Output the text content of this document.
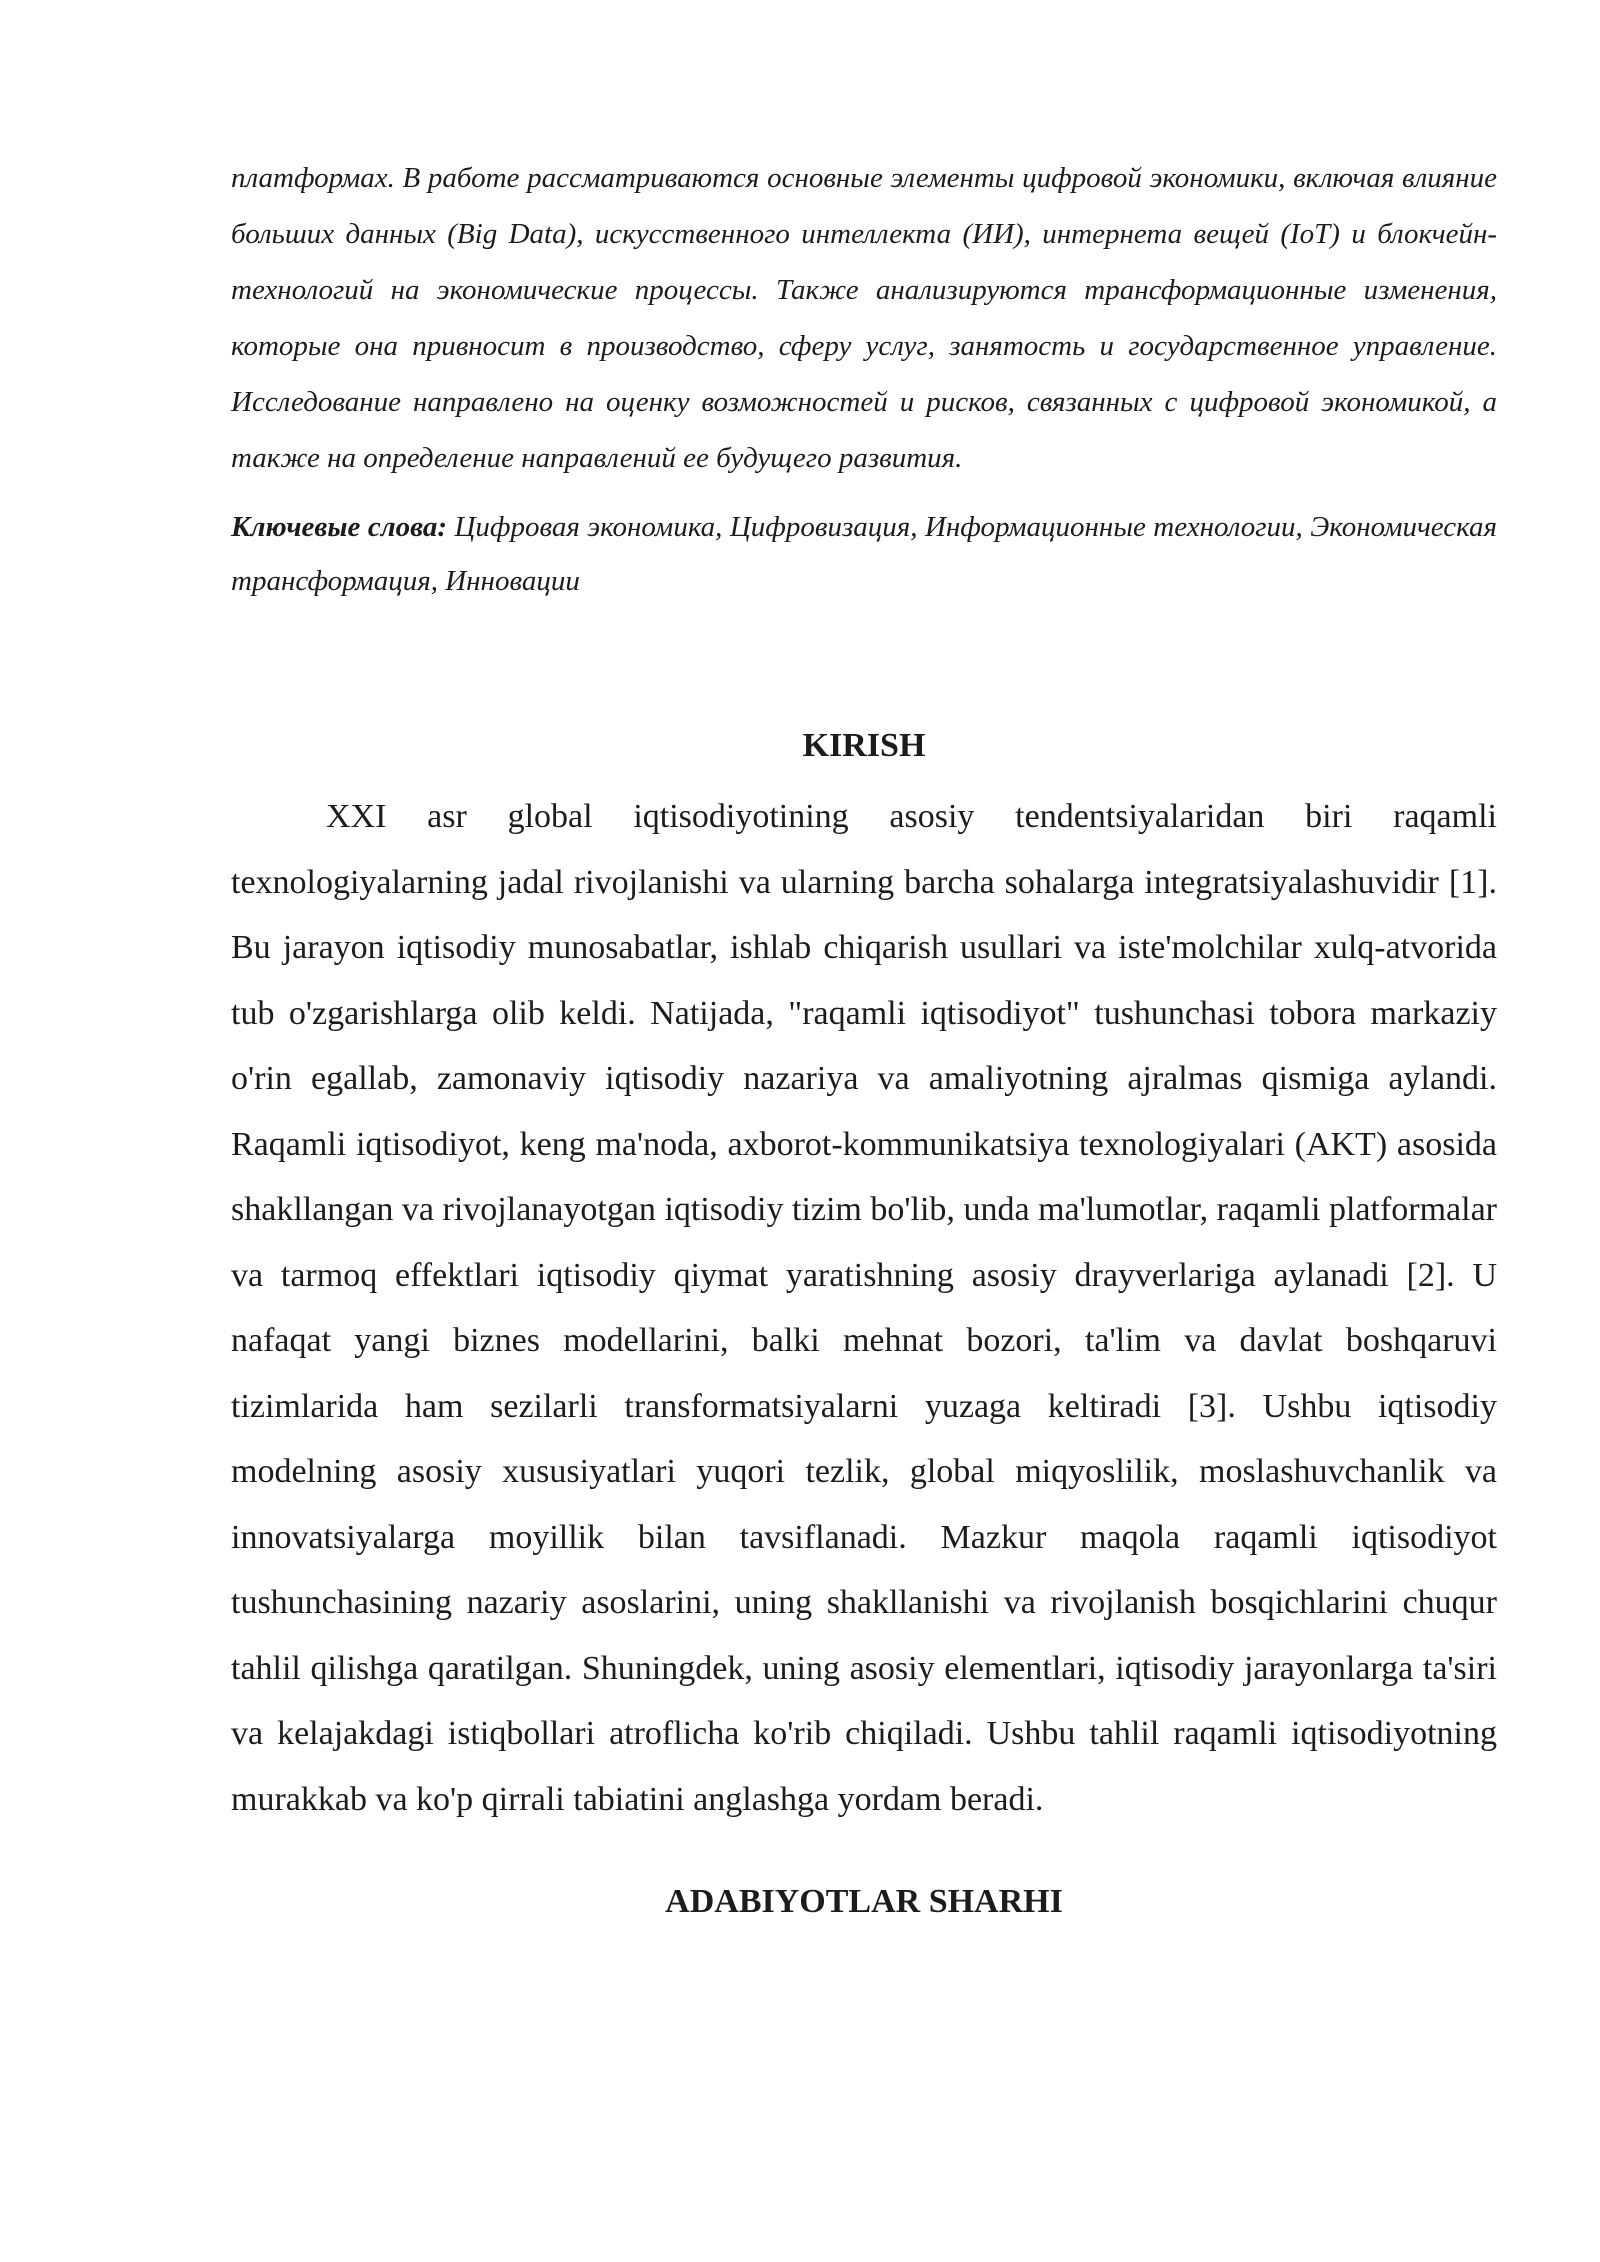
платформах. В работе рассматриваются основные элементы цифровой экономики, включая влияние больших данных (Big Data), искусственного интеллекта (ИИ), интернета вещей (IoT) и блокчейн-технологий на экономические процессы. Также анализируются трансформационные изменения, которые она привносит в производство, сферу услуг, занятость и государственное управление. Исследование направлено на оценку возможностей и рисков, связанных с цифровой экономикой, а также на определение направлений ее будущего развития.

Ключевые слова: Цифровая экономика, Цифровизация, Информационные технологии, Экономическая трансформация, Инновации

KIRISH

XXI asr global iqtisodiyotining asosiy tendentsiyalaridan biri raqamli texnologiyalarning jadal rivojlanishi va ularning barcha sohalarga integratsiyalashuvidir [1]. Bu jarayon iqtisodiy munosabatlar, ishlab chiqarish usullari va iste'molchilar xulq-atvorida tub o'zgarishlarga olib keldi. Natijada, "raqamli iqtisodiyot" tushunchasi tobora markaziy o'rin egallab, zamonaviy iqtisodiy nazariya va amaliyotning ajralmas qismiga aylandi. Raqamli iqtisodiyot, keng ma'noda, axborot-kommunikatsiya texnologiyalari (AKT) asosida shakllangan va rivojlanayotgan iqtisodiy tizim bo'lib, unda ma'lumotlar, raqamli platformalar va tarmoq effektlari iqtisodiy qiymat yaratishning asosiy drayverlariga aylanadi [2]. U nafaqat yangi biznes modellarini, balki mehnat bozori, ta'lim va davlat boshqaruvi tizimlarida ham sezilarli transformatsiyalarni yuzaga keltiradi [3]. Ushbu iqtisodiy modelning asosiy xususiyatlari yuqori tezlik, global miqyoslilik, moslashuvchanlik va innovatsiyalarga moyillik bilan tavsiflanadi. Mazkur maqola raqamli iqtisodiyot tushunchasining nazariy asoslarini, uning shakllanishi va rivojlanish bosqichlarini chuqur tahlil qilishga qaratilgan. Shuningdek, uning asosiy elementlari, iqtisodiy jarayonlarga ta'siri va kelajakdagi istiqbollari atroflicha ko'rib chiqiladi. Ushbu tahlil raqamli iqtisodiyotning murakkab va ko'p qirrali tabiatini anglashga yordam beradi.

ADABIYOTLAR SHARHI
